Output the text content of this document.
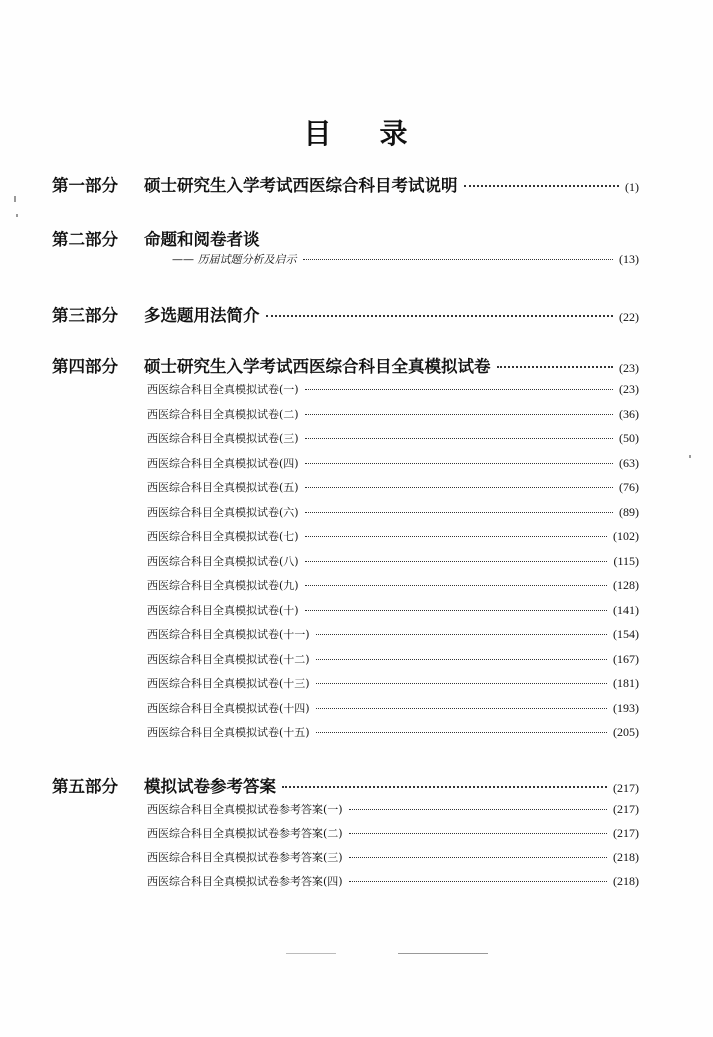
目 录
第一部分	硕士研究生入学考试西医综合科目考试说明	(1)
第二部分	命题和阅卷者谈
—— 历届试题分析及启示	(13)
第三部分	多选题用法简介	(22)
第四部分	硕士研究生入学考试西医综合科目全真模拟试卷	(23)
西医综合科目全真模拟试卷(一)	(23)
西医综合科目全真模拟试卷(二)	(36)
西医综合科目全真模拟试卷(三)	(50)
西医综合科目全真模拟试卷(四)	(63)
西医综合科目全真模拟试卷(五)	(76)
西医综合科目全真模拟试卷(六)	(89)
西医综合科目全真模拟试卷(七)	(102)
西医综合科目全真模拟试卷(八)	(115)
西医综合科目全真模拟试卷(九)	(128)
西医综合科目全真模拟试卷(十)	(141)
西医综合科目全真模拟试卷(十一)	(154)
西医综合科目全真模拟试卷(十二)	(167)
西医综合科目全真模拟试卷(十三)	(181)
西医综合科目全真模拟试卷(十四)	(193)
西医综合科目全真模拟试卷(十五)	(205)
第五部分	模拟试卷参考答案	(217)
西医综合科目全真模拟试卷参考答案(一)	(217)
西医综合科目全真模拟试卷参考答案(二)	(217)
西医综合科目全真模拟试卷参考答案(三)	(218)
西医综合科目全真模拟试卷参考答案(四)	(218)
